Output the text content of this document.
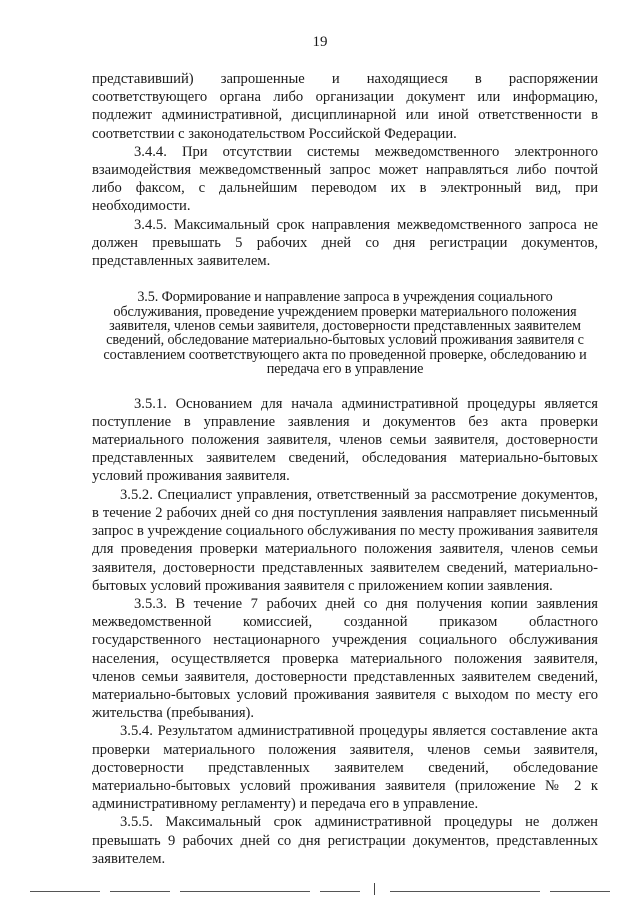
19

представивший) запрошенные и находящиеся в распоряжении соответствующего органа либо организации документ или информацию, подлежит административной, дисциплинарной или иной ответственности в соответствии с законодательством Российской Федерации.

3.4.4. При отсутствии системы межведомственного электронного взаимодействия межведомственный запрос может направляться либо почтой либо факсом, с дальнейшим переводом их в электронный вид, при необходимости.

3.4.5. Максимальный срок направления межведомственного запроса не должен превышать 5 рабочих дней со дня регистрации документов, представленных заявителем.

3.5. Формирование и направление запроса в учреждения социального обслуживания, проведение учреждением проверки материального положения заявителя, членов семьи заявителя, достоверности представленных заявителем сведений, обследование материально-бытовых условий проживания заявителя с составлением соответствующего акта по проведенной проверке, обследованию и передача его в управление

3.5.1. Основанием для начала административной процедуры является поступление в управление заявления и документов без акта проверки материального положения заявителя, членов семьи заявителя, достоверности представленных заявителем сведений, обследования материально-бытовых условий проживания заявителя.

3.5.2. Специалист управления, ответственный за рассмотрение документов, в течение 2 рабочих дней со дня поступления заявления направляет письменный запрос в учреждение социального обслуживания по месту проживания заявителя для проведения проверки материального положения заявителя, членов семьи заявителя, достоверности представленных заявителем сведений, материально-бытовых условий проживания заявителя с приложением копии заявления.

3.5.3. В течение 7 рабочих дней со дня получения копии заявления межведомственной комиссией, созданной приказом областного государственного нестационарного учреждения социального обслуживания населения, осуществляется проверка материального положения заявителя, членов семьи заявителя, достоверности представленных заявителем сведений, материально-бытовых условий проживания заявителя с выходом по месту его жительства (пребывания).

3.5.4. Результатом административной процедуры является составление акта проверки материального положения заявителя, членов семьи заявителя, достоверности представленных заявителем сведений, обследование материально-бытовых условий проживания заявителя (приложение № 2 к административному регламенту) и передача его в управление.

3.5.5. Максимальный срок административной процедуры не должен превышать 9 рабочих дней со дня регистрации документов, представленных заявителем.
